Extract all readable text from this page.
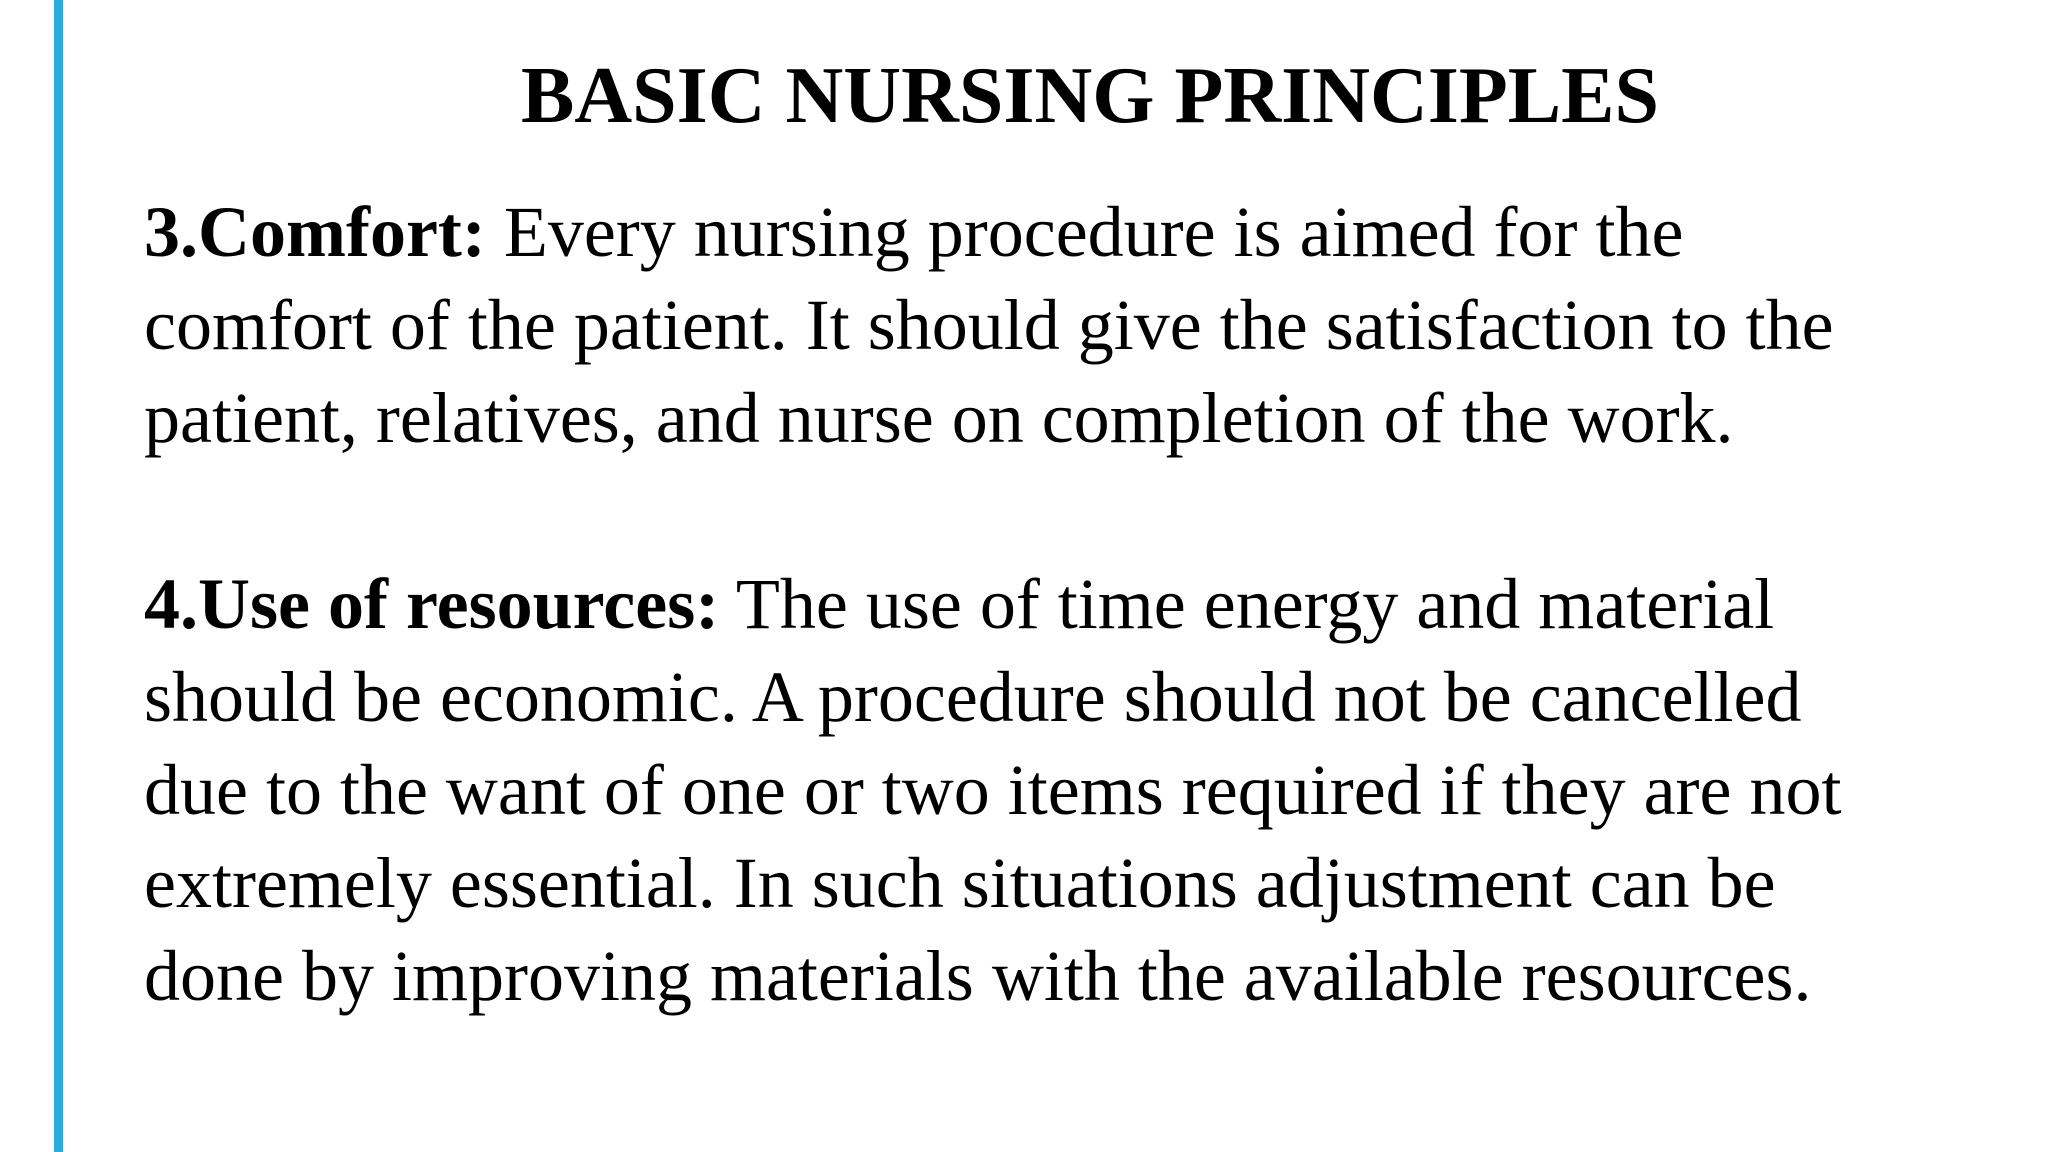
BASIC NURSING PRINCIPLES

3.Comfort: Every nursing procedure is aimed for the
comfort of the patient. It should give the satisfaction to the
patient, relatives, and nurse on completion of the work.

4.Use of resources: The use of time energy and material
should be economic. A procedure should not be cancelled
due to the want of one or two items required if they are not
extremely essential. In such situations adjustment can be
done by improving materials with the available resources.
